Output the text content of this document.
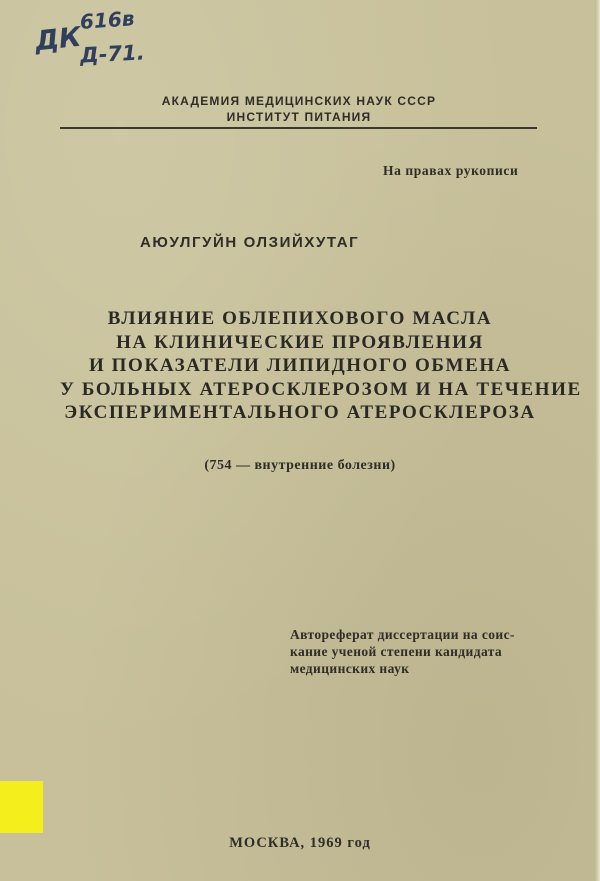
ДК
616в
Д-71.
АКАДЕМИЯ МЕДИЦИНСКИХ НАУК СССР
ИНСТИТУТ ПИТАНИЯ
На правах рукописи
АЮУЛГУЙН ОЛЗИЙХУТАГ
ВЛИЯНИЕ ОБЛЕПИХОВОГО МАСЛА
НА КЛИНИЧЕСКИЕ ПРОЯВЛЕНИЯ
И ПОКАЗАТЕЛИ ЛИПИДНОГО ОБМЕНА
У БОЛЬНЫХ АТЕРОСКЛЕРОЗОМ И НА ТЕЧЕНИЕ
ЭКСПЕРИМЕНТАЛЬНОГО АТЕРОСКЛЕРОЗА
(754 — внутренние болезни)
Автореферат диссертации на соис-
кание ученой степени кандидата
медицинских наук
МОСКВА, 1969 год
